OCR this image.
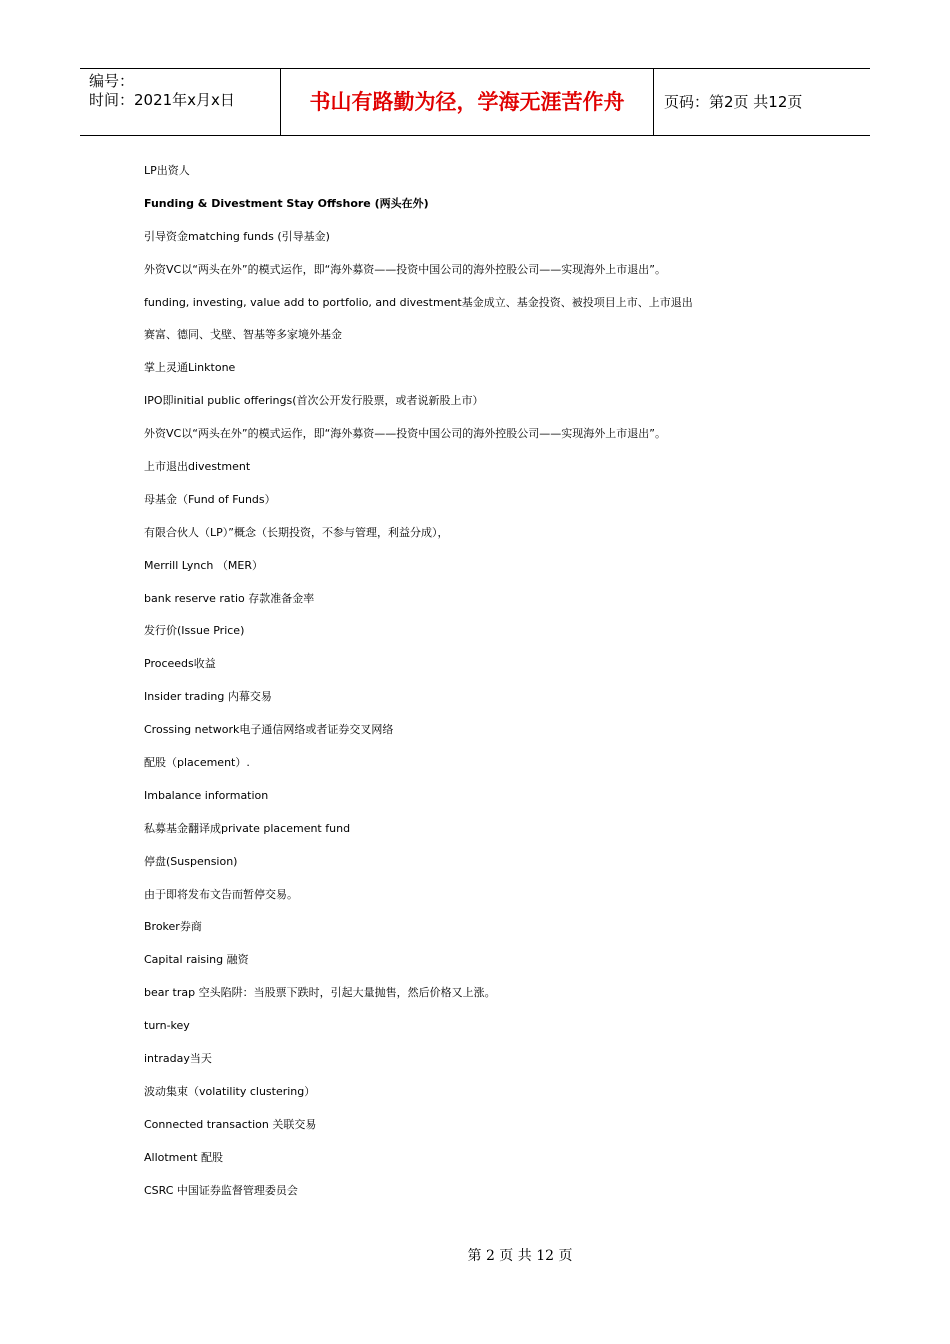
编号：
时间：2021年x月x日	书山有路勤为径，学海无涯苦作舟	页码：第2页 共12页
LP出资人
Funding & Divestment Stay Offshore (两头在外)
引导资金matching funds (引导基金)
外资VC以“两头在外”的模式运作，即“海外募资——投资中国公司的海外控股公司——实现海外上市退出”。
funding, investing, value add to portfolio, and divestment基金成立、基金投资、被投项目上市、上市退出
赛富、德同、戈壁、智基等多家境外基金
掌上灵通Linktone
IPO即initial public offerings(首次公开发行股票，或者说新股上市）
外资VC以“两头在外”的模式运作，即“海外募资——投资中国公司的海外控股公司——实现海外上市退出”。
上市退出divestment
母基金（Fund of Funds）
有限合伙人（LP）”概念（长期投资，不参与管理，利益分成），
Merrill Lynch （MER）
bank reserve ratio 存款准备金率
发行价(Issue Price)
Proceeds收益
Insider trading 内幕交易
Crossing network电子通信网络或者证券交叉网络
配股（placement）.
Imbalance information
私募基金翻译成private placement fund
停盘(Suspension)
由于即将发布文告而暂停交易。
Broker券商
Capital raising 融资
bear trap 空头陷阱：当股票下跌时，引起大量抛售，然后价格又上涨。
turn-key
intraday当天
波动集束（volatility clustering）
Connected transaction 关联交易
Allotment 配股
CSRC 中国证券监督管理委员会
第 2 页 共 12 页
